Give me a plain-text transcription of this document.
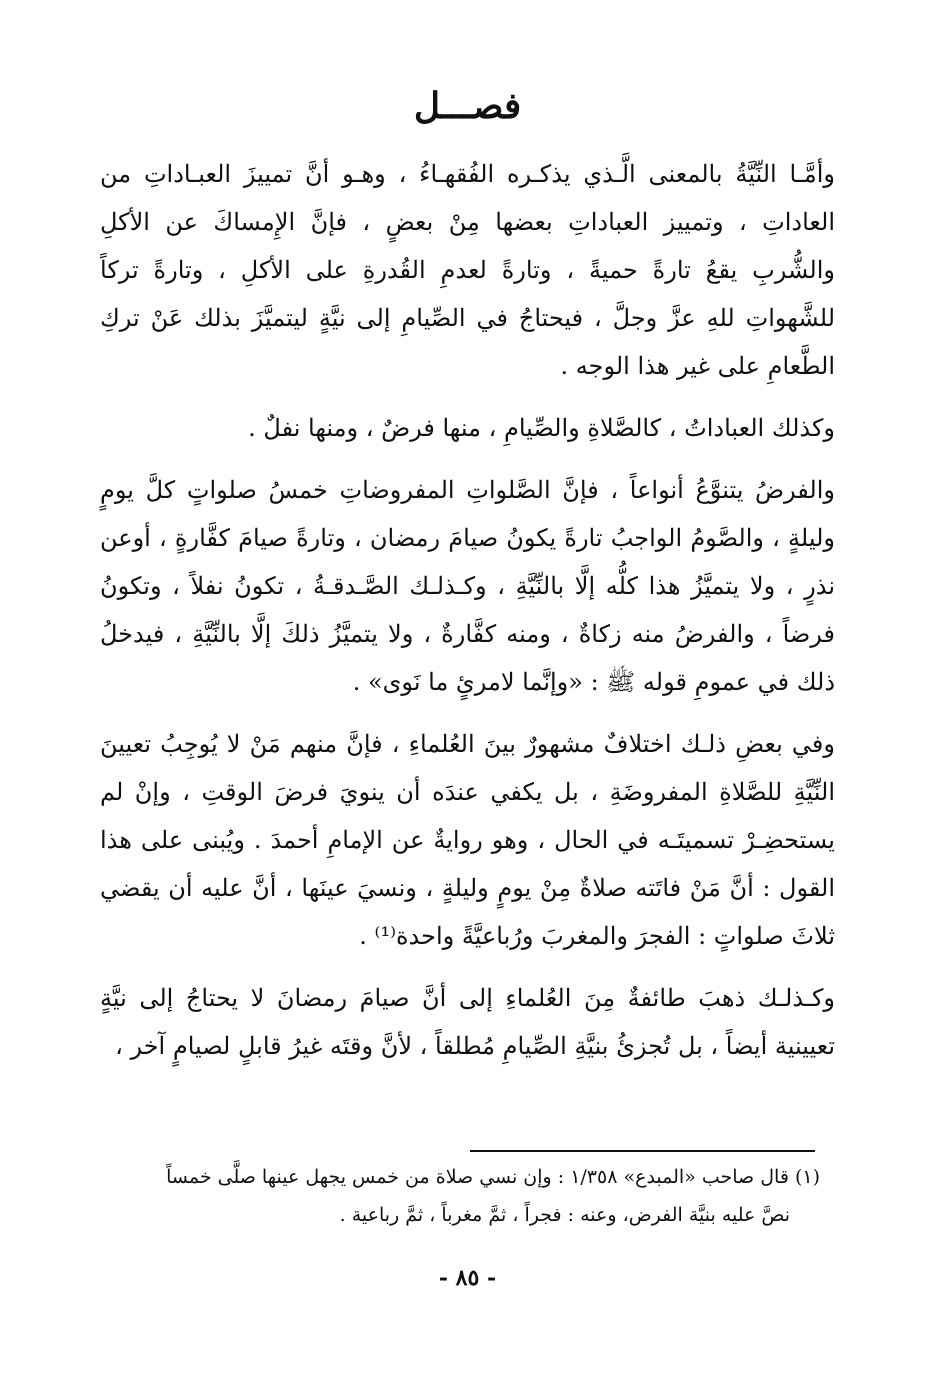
فصـــل

وأمَّـا النِّيَّةُ بالمعنى الَّـذي يذكـره الفُقهـاءُ ، وهـو أنَّ تمييزَ العبـاداتِ من العاداتِ ، وتمييز العباداتِ بعضها مِنْ بعضٍ ، فإنَّ الإِمساكَ عن الأكلِ والشُّربِ يقعُ تارةً حميةً ، وتارةً لعدمِ القُدرةِ على الأكلِ ، وتارةً تركاً للشَّهواتِ للهِ عزَّ وجلَّ ، فيحتاجُ في الصِّيامِ إلى نيَّةٍ ليتميَّزَ بذلك عَنْ تركِ الطَّعامِ على غير هذا الوجه .

وكذلك العباداتُ ، كالصَّلاةِ والصِّيامِ ، منها فرضٌ ، ومنها نفلٌ .

والفرضُ يتنوَّعُ أنواعاً ، فإنَّ الصَّلواتِ المفروضاتِ خمسُ صلواتٍ كلَّ يومٍ وليلةٍ ، والصَّومُ الواجبُ تارةً يكونُ صيامَ رمضان ، وتارةً صيامَ كفَّارةٍ ، أوعن نذرٍ ، ولا يتميَّزُ هذا كلُّه إلَّا بالنِّيَّةِ ، وكـذلـك الصَّـدقـةُ ، تكونُ نفلاً ، وتكونُ فرضاً ، والفرضُ منه زكاةٌ ، ومنه كفَّارةٌ ، ولا يتميَّزُ ذلكَ إلَّا بالنِّيَّةِ ، فيدخلُ ذلك في عمومِ قوله ﷺ : «وإنَّما لامرئٍ ما نَوى» .

وفي بعضِ ذلـك اختلافٌ مشهورٌ بينَ العُلماءِ ، فإنَّ منهم مَنْ لا يُوجِبُ تعيينَ النِّيَّةِ للصَّلاةِ المفروضَةِ ، بل يكفي عندَه أن ينويَ فرضَ الوقتِ ، وإنْ لم يستحضِـرْ تسميتَـه في الحال ، وهو روايةٌ عن الإمامِ أحمدَ . ويُبنى على هذا القول : أنَّ مَنْ فاتَته صلاةٌ مِنْ يومٍ وليلةٍ ، ونسيَ عينَها ، أنَّ عليه أن يقضي ثلاثَ صلواتٍ : الفجرَ والمغربَ ورُباعيَّةً واحدة⁽¹⁾ .

وكـذلـك ذهبَ طائفةٌ مِنَ العُلماءِ إلى أنَّ صيامَ رمضانَ لا يحتاجُ إلى نيَّةٍ تعيينية أيضاً ، بل تُجزئُ بنيَّةِ الصِّيامِ مُطلقاً ، لأنَّ وقتَه غيرُ قابلٍ لصيامٍ آخر ،

(١) قال صاحب «المبدع» ١/٣٥٨ : وإن نسي صلاة من خمس يجهل عينها صلَّى خمساً
نصَّ عليه بنيَّة الفرض، وعنه : فجراً ، ثمَّ مغرباً ، ثمَّ رباعية .
- ٨٥ -
